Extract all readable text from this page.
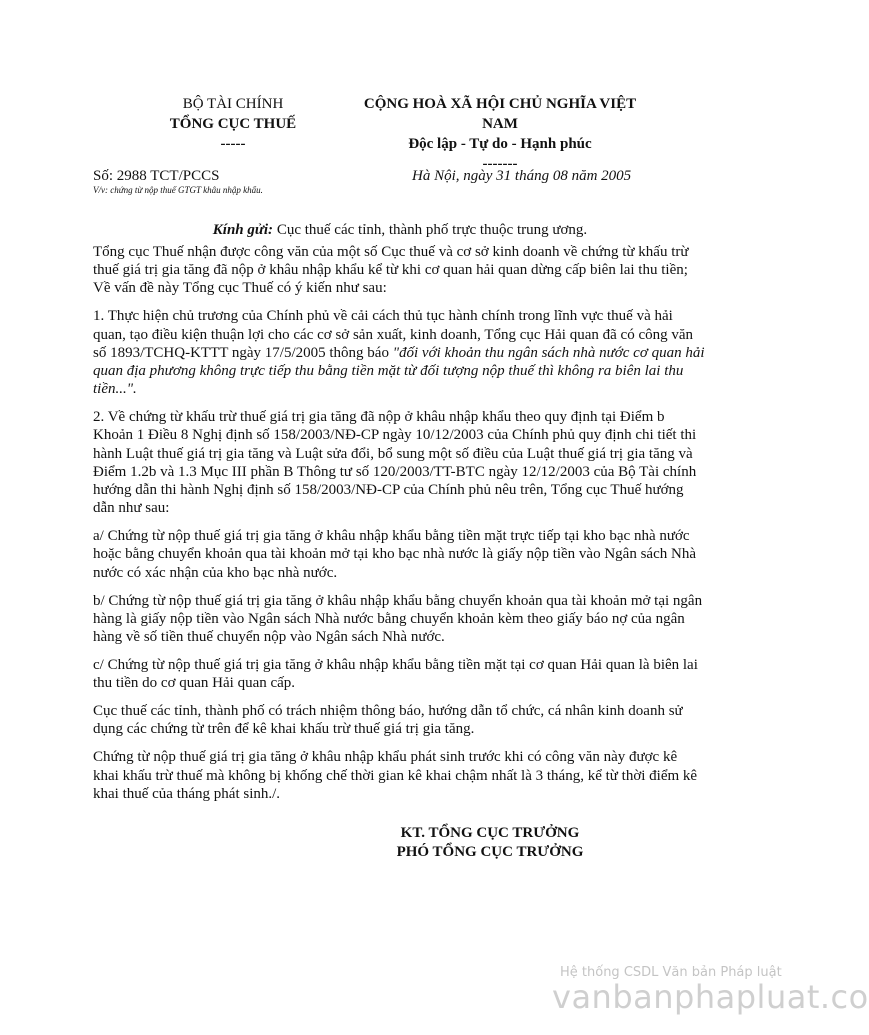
BỘ TÀI CHÍNH
TỔNG CỤC THUẾ
-----
CỘNG HOÀ XÃ HỘI CHỦ NGHĨA VIỆT
NAM
Độc lập - Tự do - Hạnh phúc
-------
Số: 2988 TCT/PCCS
V/v: chứng từ nộp thuế GTGT khâu nhập khẩu.
Hà Nội, ngày 31 tháng 08 năm 2005
Kính gửi: Cục thuế các tỉnh, thành phố trực thuộc trung ương.

Tổng cục Thuế nhận được công văn của một số Cục thuế và cơ sở kinh doanh về chứng từ khấu trừ thuế giá trị gia tăng đã nộp ở khâu nhập khẩu kể từ khi cơ quan hải quan dừng cấp biên lai thu tiền; Về vấn đề này Tổng cục Thuế có ý kiến như sau:

1. Thực hiện chủ trương của Chính phủ về cải cách thủ tục hành chính trong lĩnh vực thuế và hải quan, tạo điều kiện thuận lợi cho các cơ sở sản xuất, kinh doanh, Tổng cục Hải quan đã có công văn số 1893/TCHQ-KTTT ngày 17/5/2005 thông báo "đối với khoản thu ngân sách nhà nước cơ quan hải quan địa phương không trực tiếp thu bằng tiền mặt từ đối tượng nộp thuế thì không ra biên lai thu tiền...".

2. Về chứng từ khấu trừ thuế giá trị gia tăng đã nộp ở khâu nhập khẩu theo quy định tại Điểm b Khoản 1 Điều 8 Nghị định số 158/2003/NĐ-CP ngày 10/12/2003 của Chính phủ quy định chi tiết thi hành Luật thuế giá trị gia tăng và Luật sửa đổi, bổ sung một số điều của Luật thuế giá trị gia tăng và Điểm 1.2b và 1.3 Mục III phần B Thông tư số 120/2003/TT-BTC ngày 12/12/2003 của Bộ Tài chính hướng dẫn thi hành Nghị định số 158/2003/NĐ-CP của Chính phủ nêu trên, Tổng cục Thuế hướng dẫn như sau:

a/ Chứng từ nộp thuế giá trị gia tăng ở khâu nhập khẩu bằng tiền mặt trực tiếp tại kho bạc nhà nước hoặc bằng chuyển khoản qua tài khoản mở tại kho bạc nhà nước là giấy nộp tiền vào Ngân sách Nhà nước có xác nhận của kho bạc nhà nước.

b/ Chứng từ nộp thuế giá trị gia tăng ở khâu nhập khẩu bằng chuyển khoản qua tài khoản mở tại ngân hàng là giấy nộp tiền vào Ngân sách Nhà nước bằng chuyển khoản kèm theo giấy báo nợ của ngân hàng về số tiền thuế chuyển nộp vào Ngân sách Nhà nước.

c/ Chứng từ nộp thuế giá trị gia tăng ở khâu nhập khẩu bằng tiền mặt tại cơ quan Hải quan là biên lai thu tiền do cơ quan Hải quan cấp.

Cục thuế các tỉnh, thành phố có trách nhiệm thông báo, hướng dẫn tổ chức, cá nhân kinh doanh sử dụng các chứng từ trên để kê khai khấu trừ thuế giá trị gia tăng.

Chứng từ nộp thuế giá trị gia tăng ở khâu nhập khẩu phát sinh trước khi có công văn này được kê khai khấu trừ thuế mà không bị khống chế thời gian kê khai chậm nhất là 3 tháng, kể từ thời điểm kê khai thuế của tháng phát sinh./.

KT. TỔNG CỤC TRƯỞNG
PHÓ TỔNG CỤC TRƯỞNG
Hệ thống CSDL Văn bản Pháp luật
vanbanphapluat.co
